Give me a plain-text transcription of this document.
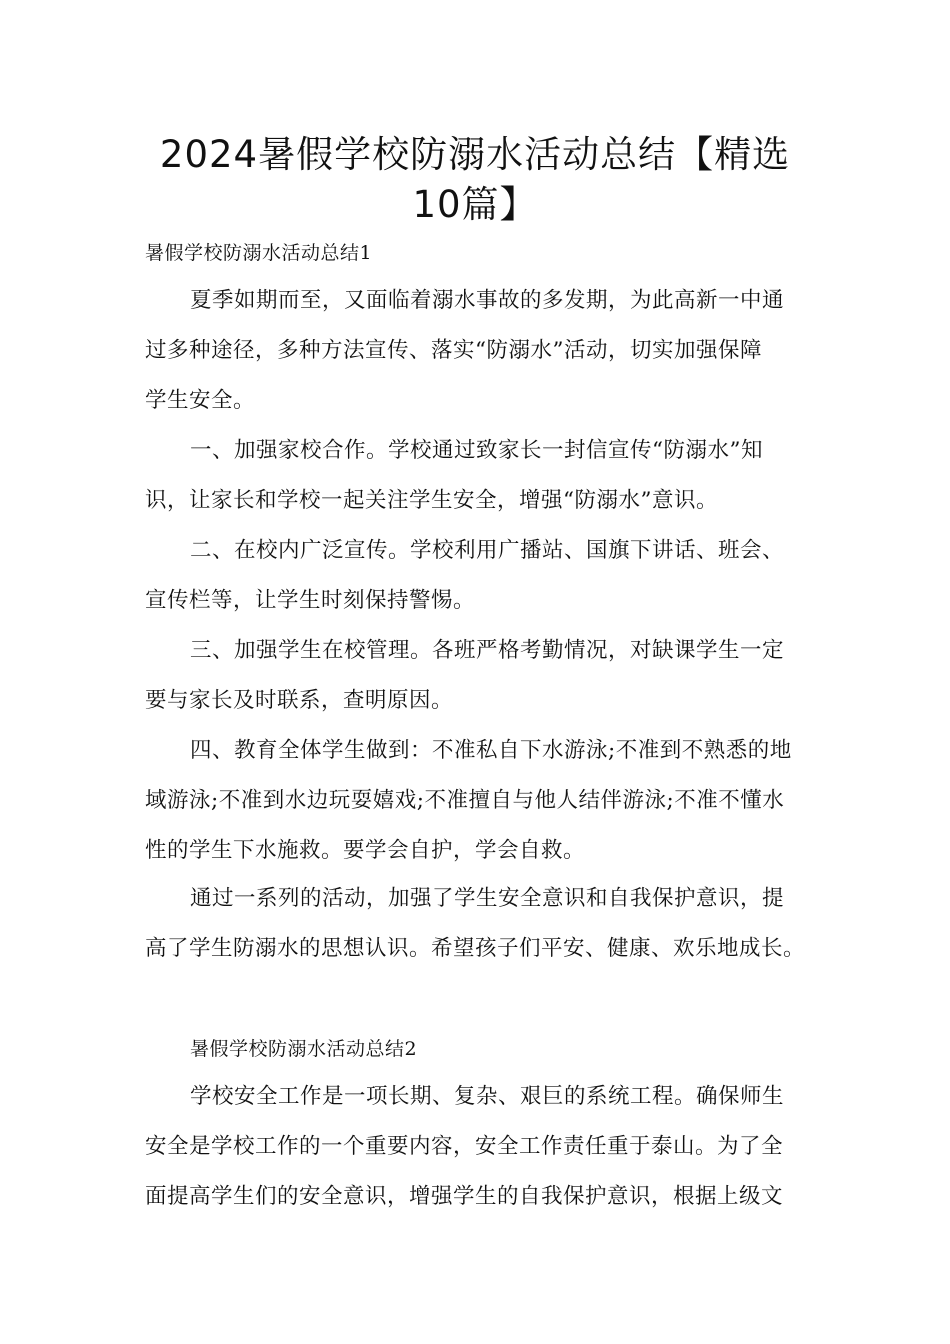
2024暑假学校防溺水活动总结【精选
10篇】
暑假学校防溺水活动总结1
夏季如期而至，又面临着溺水事故的多发期，为此高新一中通
过多种途径，多种方法宣传、落实“防溺水”活动，切实加强保障
学生安全。
一、加强家校合作。学校通过致家长一封信宣传“防溺水”知
识，让家长和学校一起关注学生安全，增强“防溺水”意识。
二、在校内广泛宣传。学校利用广播站、国旗下讲话、班会、
宣传栏等，让学生时刻保持警惕。
三、加强学生在校管理。各班严格考勤情况，对缺课学生一定
要与家长及时联系，查明原因。
四、教育全体学生做到：不准私自下水游泳;不准到不熟悉的地
域游泳;不准到水边玩耍嬉戏;不准擅自与他人结伴游泳;不准不懂水
性的学生下水施救。要学会自护，学会自救。
通过一系列的活动，加强了学生安全意识和自我保护意识，提
高了学生防溺水的思想认识。希望孩子们平安、健康、欢乐地成长。
暑假学校防溺水活动总结2
学校安全工作是一项长期、复杂、艰巨的系统工程。确保师生
安全是学校工作的一个重要内容，安全工作责任重于泰山。为了全
面提高学生们的安全意识，增强学生的自我保护意识，根据上级文
